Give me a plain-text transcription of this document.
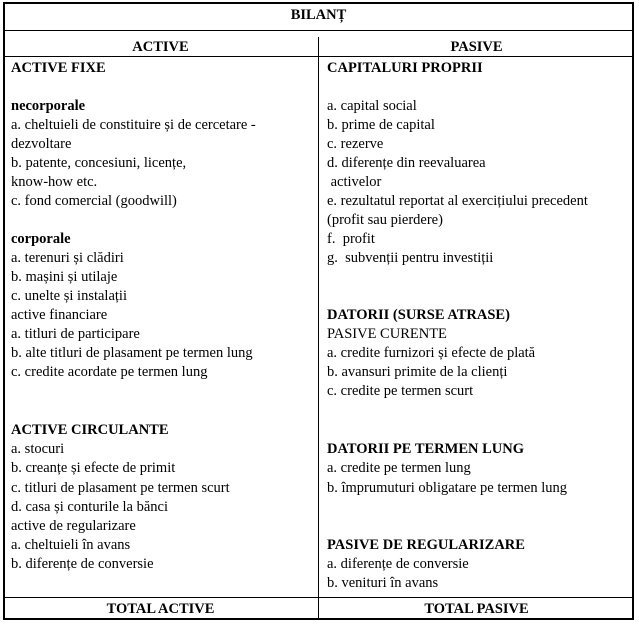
BILANȚ
ACTIVE	PASIVE
ACTIVE FIXE
necorporale
a. cheltuieli de constituire și de cercetare -
dezvoltare
b. patente, concesiuni, licențe,
know-how etc.
c. fond comercial (goodwill)
corporale
a. terenuri și clădiri
b. mașini și utilaje
c. unelte și instalații
active financiare
a. titluri de participare
b. alte titluri de plasament pe termen lung
c. credite acordate pe termen lung
ACTIVE CIRCULANTE
a. stocuri
b. creanțe și efecte de primit
c. titluri de plasament pe termen scurt
d. casa și conturile la bănci
active de regularizare
a. cheltuieli în avans
b. diferențe de conversie
CAPITALURI PROPRII
a. capital social
b. prime de capital
c. rezerve
d. diferențe din reevaluarea
activelor
e. rezultatul reportat al exercițiului precedent
(profit sau pierdere)
f.  profit
g.  subvenții pentru investiții
DATORII (SURSE ATRASE)
PASIVE CURENTE
a. credite furnizori și efecte de plată
b. avansuri primite de la clienți
c. credite pe termen scurt
DATORII PE TERMEN LUNG
a. credite pe termen lung
b. împrumuturi obligatare pe termen lung
PASIVE DE REGULARIZARE
a. diferențe de conversie
b. venituri în avans
TOTAL ACTIVE	TOTAL PASIVE
